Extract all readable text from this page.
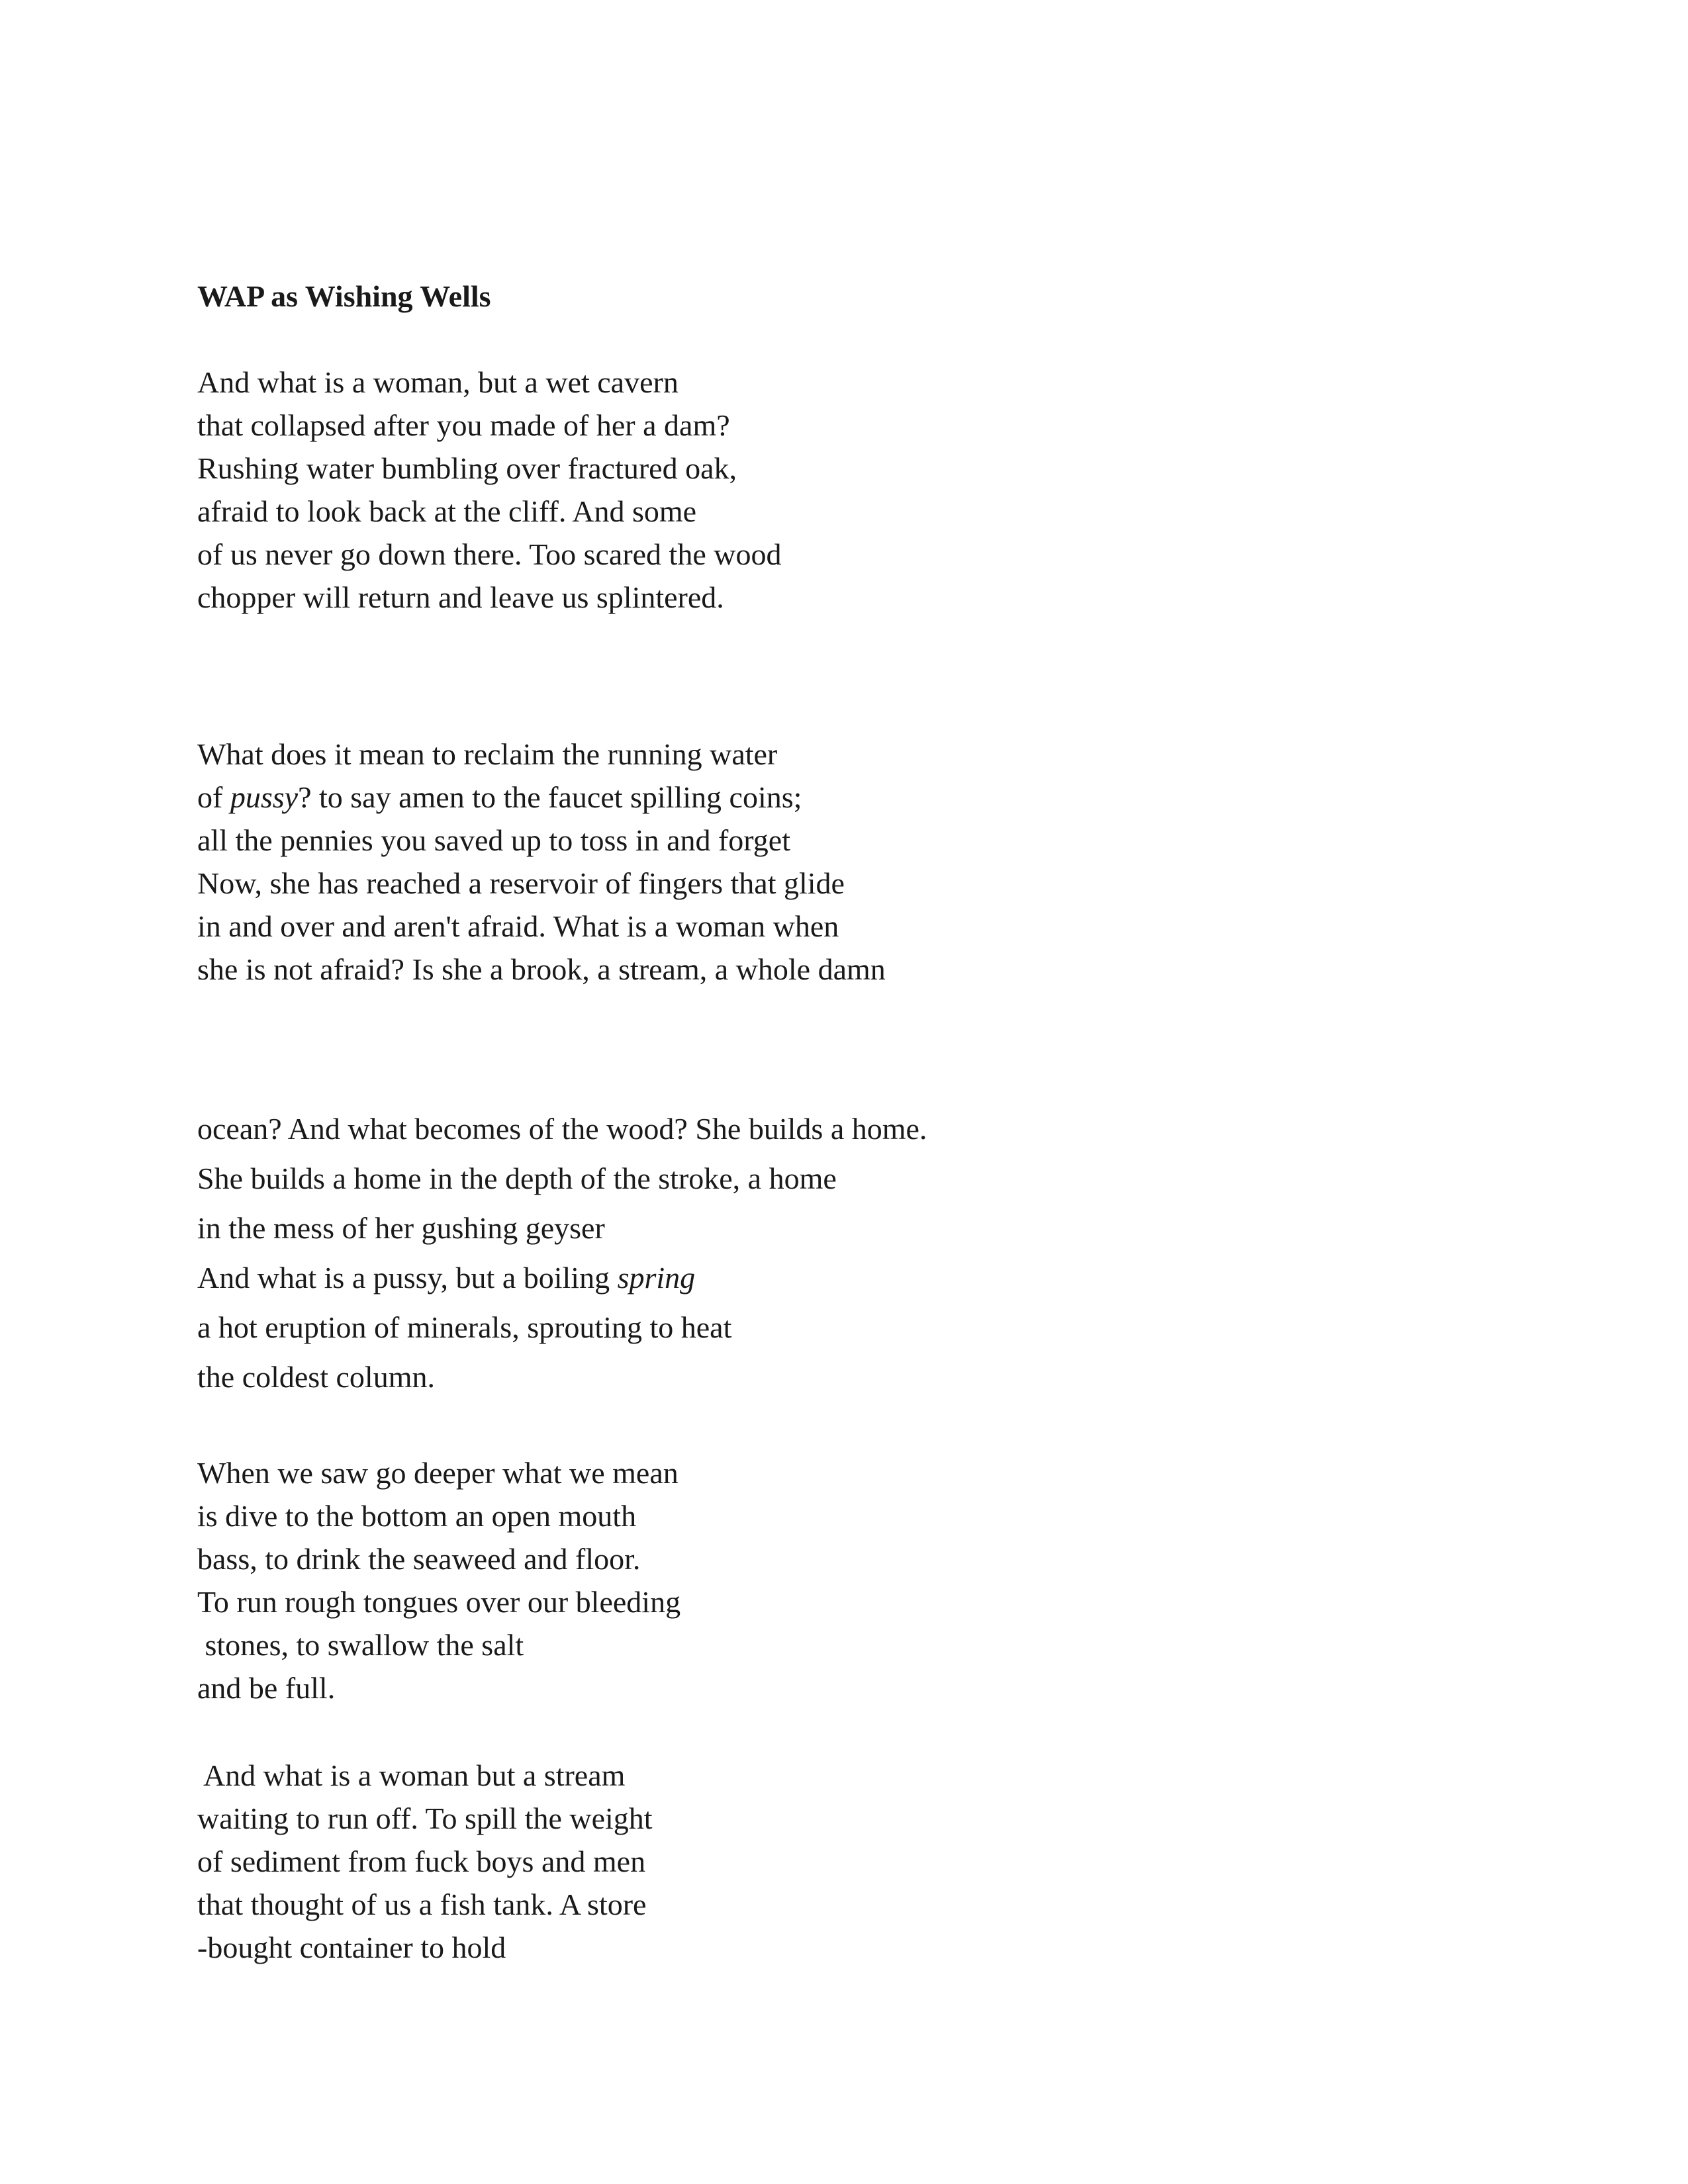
WAP as Wishing Wells
And what is a woman, but a wet cavern
that collapsed after you made of her a dam?
Rushing water bumbling over fractured oak,
afraid to look back at the cliff. And some
of us never go down there. Too scared the wood
chopper will return and leave us splintered.
What does it mean to reclaim the running water
of pussy? to say amen to the faucet spilling coins;
all the pennies you saved up to toss in and forget
Now, she has reached a reservoir of fingers that glide
in and over and aren't afraid. What is a woman when
she is not afraid? Is she a brook, a stream, a whole damn
ocean? And what becomes of the wood? She builds a home.
She builds a home in the depth of the stroke, a home
in the mess of her gushing geyser
And what is a pussy, but a boiling spring
a hot eruption of minerals, sprouting to heat
the coldest column.
When we saw go deeper what we mean
is dive to the bottom an open mouth
bass, to drink the seaweed and floor.
To run rough tongues over our bleeding
stones, to swallow the salt
and be full.
And what is a woman but a stream
waiting to run off. To spill the weight
of sediment from fuck boys and men
that thought of us a fish tank. A store
-bought container to hold
